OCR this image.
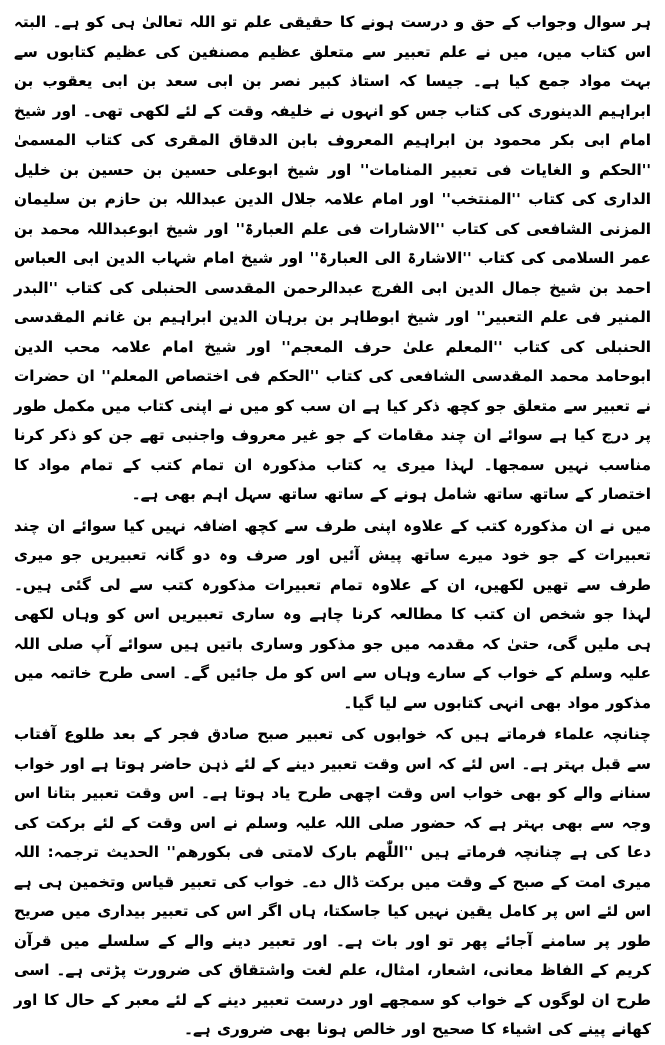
ہر سوال وجواب کے حق و درست ہونے کا حقیقی علم تو اللہ تعالیٰ ہی کو ہے۔ البتہ اس کتاب میں، میں نے علم تعبیر سے متعلق عظیم مصنفین کی عظیم کتابوں سے بہت مواد جمع کیا ہے۔ جیسا کہ استاذ کبیر نصر بن ابی سعد بن ابی یعقوب بن ابراہیم الدینوری کی کتاب جس کو انہوں نے خلیفہ وقت کے لئے لکھی تھی۔ اور شیخ امام ابی بکر محمود بن ابراہیم المعروف بابن الدقاق المقری کی کتاب المسمیٰ ''الحکم و الغایات فی تعبیر المنامات'' اور شیخ ابوعلی حسین بن حسین بن خلیل الداری کی کتاب ''المنتخب'' اور امام علامہ جلال الدین عبداللہ بن حازم بن سلیمان المزنی الشافعی کی کتاب ''الاشارات فی علم العبارۃ'' اور شیخ ابوعبداللہ محمد بن عمر السلامی کی کتاب ''الاشارۃ الی العبارۃ'' اور شیخ امام شہاب الدین ابی العباس احمد بن شیخ جمال الدین ابی الفرج عبدالرحمن المقدسی الحنبلی کی کتاب ''البدر المنیر فی علم التعبیر'' اور شیخ ابوطاہر بن برہان الدین ابراہیم بن غانم المقدسی الحنبلی کی کتاب ''المعلم علیٰ حرف المعجم'' اور شیخ امام علامہ محب الدین ابوحامد محمد المقدسی الشافعی کی کتاب ''الحکم فی اختصاص المعلم'' ان حضرات نے تعبیر سے متعلق جو کچھ ذکر کیا ہے ان سب کو میں نے اپنی کتاب میں مکمل طور پر درج کیا ہے سوائے ان چند مقامات کے جو غیر معروف واجنبی تھے جن کو ذکر کرنا مناسب نہیں سمجھا۔ لہذا میری یہ کتاب مذکورہ ان تمام کتب کے تمام مواد کا اختصار کے ساتھ ساتھ شامل ہونے کے ساتھ ساتھ سہل اہم بھی ہے۔

میں نے ان مذکورہ کتب کے علاوہ اپنی طرف سے کچھ اضافہ نہیں کیا سوائے ان چند تعبیرات کے جو خود میرے ساتھ پیش آئیں اور صرف وہ دو گانہ تعبیریں جو میری طرف سے تھیں لکھیں، ان کے علاوہ تمام تعبیرات مذکورہ کتب سے لی گئی ہیں۔ لہذا جو شخص ان کتب کا مطالعہ کرنا چاہے وہ ساری تعبیریں اس کو وہاں لکھی ہی ملیں گی، حتیٰ کہ مقدمہ میں جو مذکور وساری باتیں ہیں سوائے آپ صلی اللہ علیہ وسلم کے خواب کے سارے وہاں سے اس کو مل جائیں گے۔ اسی طرح خاتمہ میں مذکور مواد بھی انہی کتابوں سے لیا گیا۔

چنانچہ علماء فرماتے ہیں کہ خوابوں کی تعبیر صبح صادق فجر کے بعد طلوع آفتاب سے قبل بہتر ہے۔ اس لئے کہ اس وقت تعبیر دینے کے لئے ذہن حاضر ہوتا ہے اور خواب سنانے والے کو بھی خواب اس وقت اچھی طرح یاد ہوتا ہے۔ اس وقت تعبیر بتانا اس وجہ سے بھی بہتر ہے کہ حضور صلی اللہ علیہ وسلم نے اس وقت کے لئے برکت کی دعا کی ہے چنانچہ فرماتے ہیں ''اللّٰھم بارک لامتی فی بکورھم'' الحدیث ترجمہ: اللہ میری امت کے صبح کے وقت میں برکت ڈال دے۔ خواب کی تعبیر قیاس وتخمین ہی ہے اس لئے اس پر کامل یقین نہیں کیا جاسکتا، ہاں اگر اس کی تعبیر بیداری میں صریح طور پر سامنے آجائے پھر تو اور بات ہے۔ اور تعبیر دینے والے کے سلسلے میں قرآن کریم کے الفاظ معانی، اشعار، امثال، علم لغت واشتقاق کی ضرورت پڑتی ہے۔ اسی طرح ان لوگوں کے خواب کو سمجھے اور درست تعبیر دینے کے لئے معبر کے حال کا اور کھانے پینے کی اشیاء کا صحیح اور خالص ہونا بھی ضروری ہے۔
